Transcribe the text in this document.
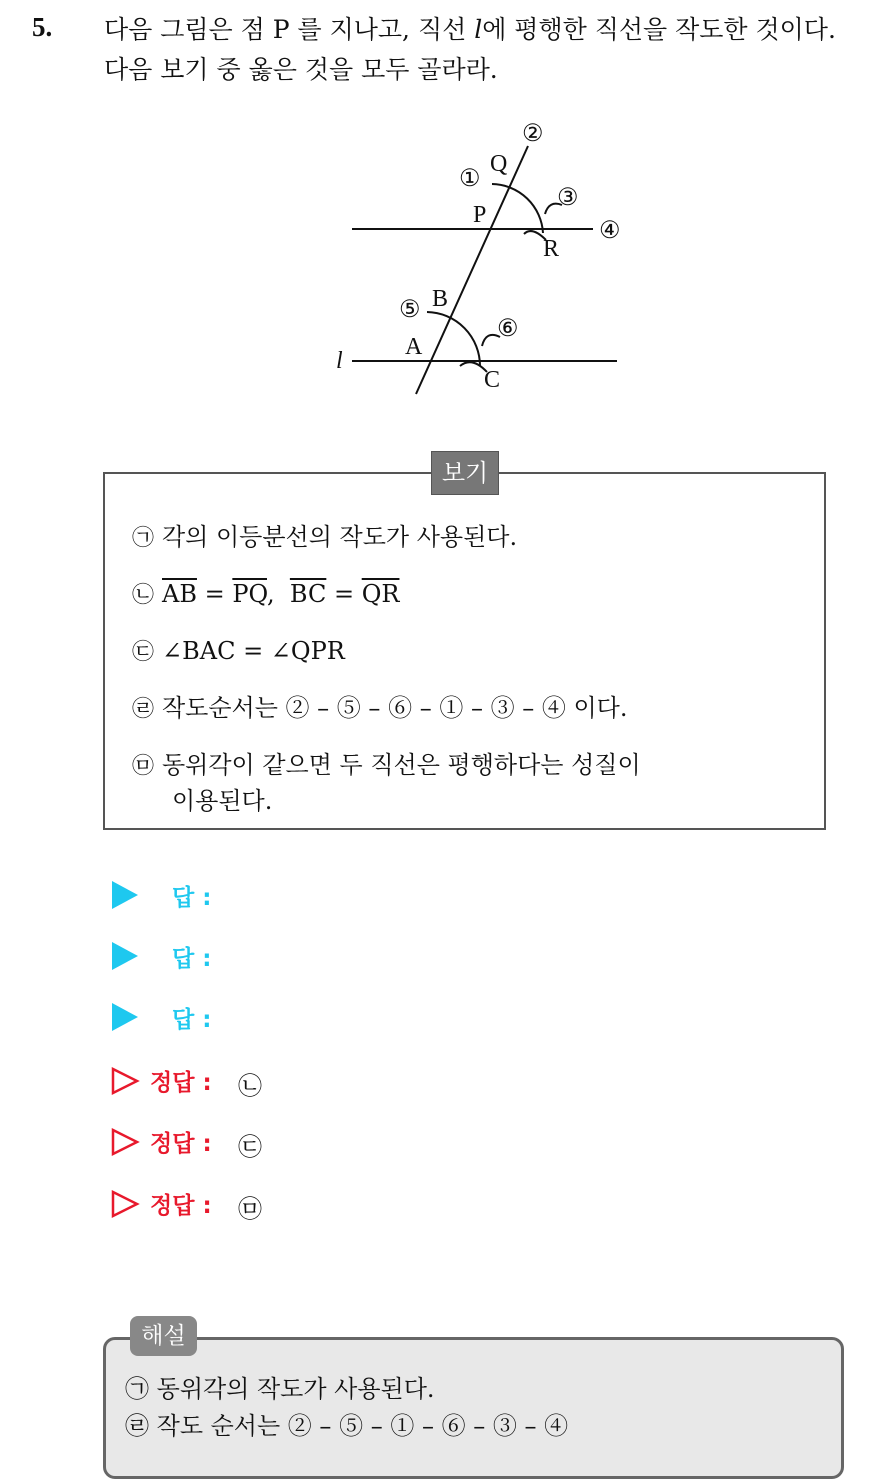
5. 다음 그림은 점 P 를 지나고, 직선 l에 평행한 직선을 작도한 것이다.
다음 보기 중 옳은 것을 모두 골라라.
Q
P
R
B
A
C
l
①
②
③
④
⑤
⑥
보기
㉠ 각의 이등분선의 작도가 사용된다.
㉡ $\overline{AB} = \overline{PQ}$,  $\overline{BC} = \overline{QR}$
㉢ ∠BAC = ∠QPR
㉣ 작도순서는 ② – ⑤ – ⑥ – ① – ③ – ④ 이다.
㉤ 동위각이 같으면 두 직선은 평행하다는 성질이
이용된다.
답 :
답 :
답 :
정답 : ㉡
정답 : ㉢
정답 : ㉤
해설
㉠ 동위각의 작도가 사용된다.
㉣ 작도 순서는 ② – ⑤ – ① – ⑥ – ③ – ④
